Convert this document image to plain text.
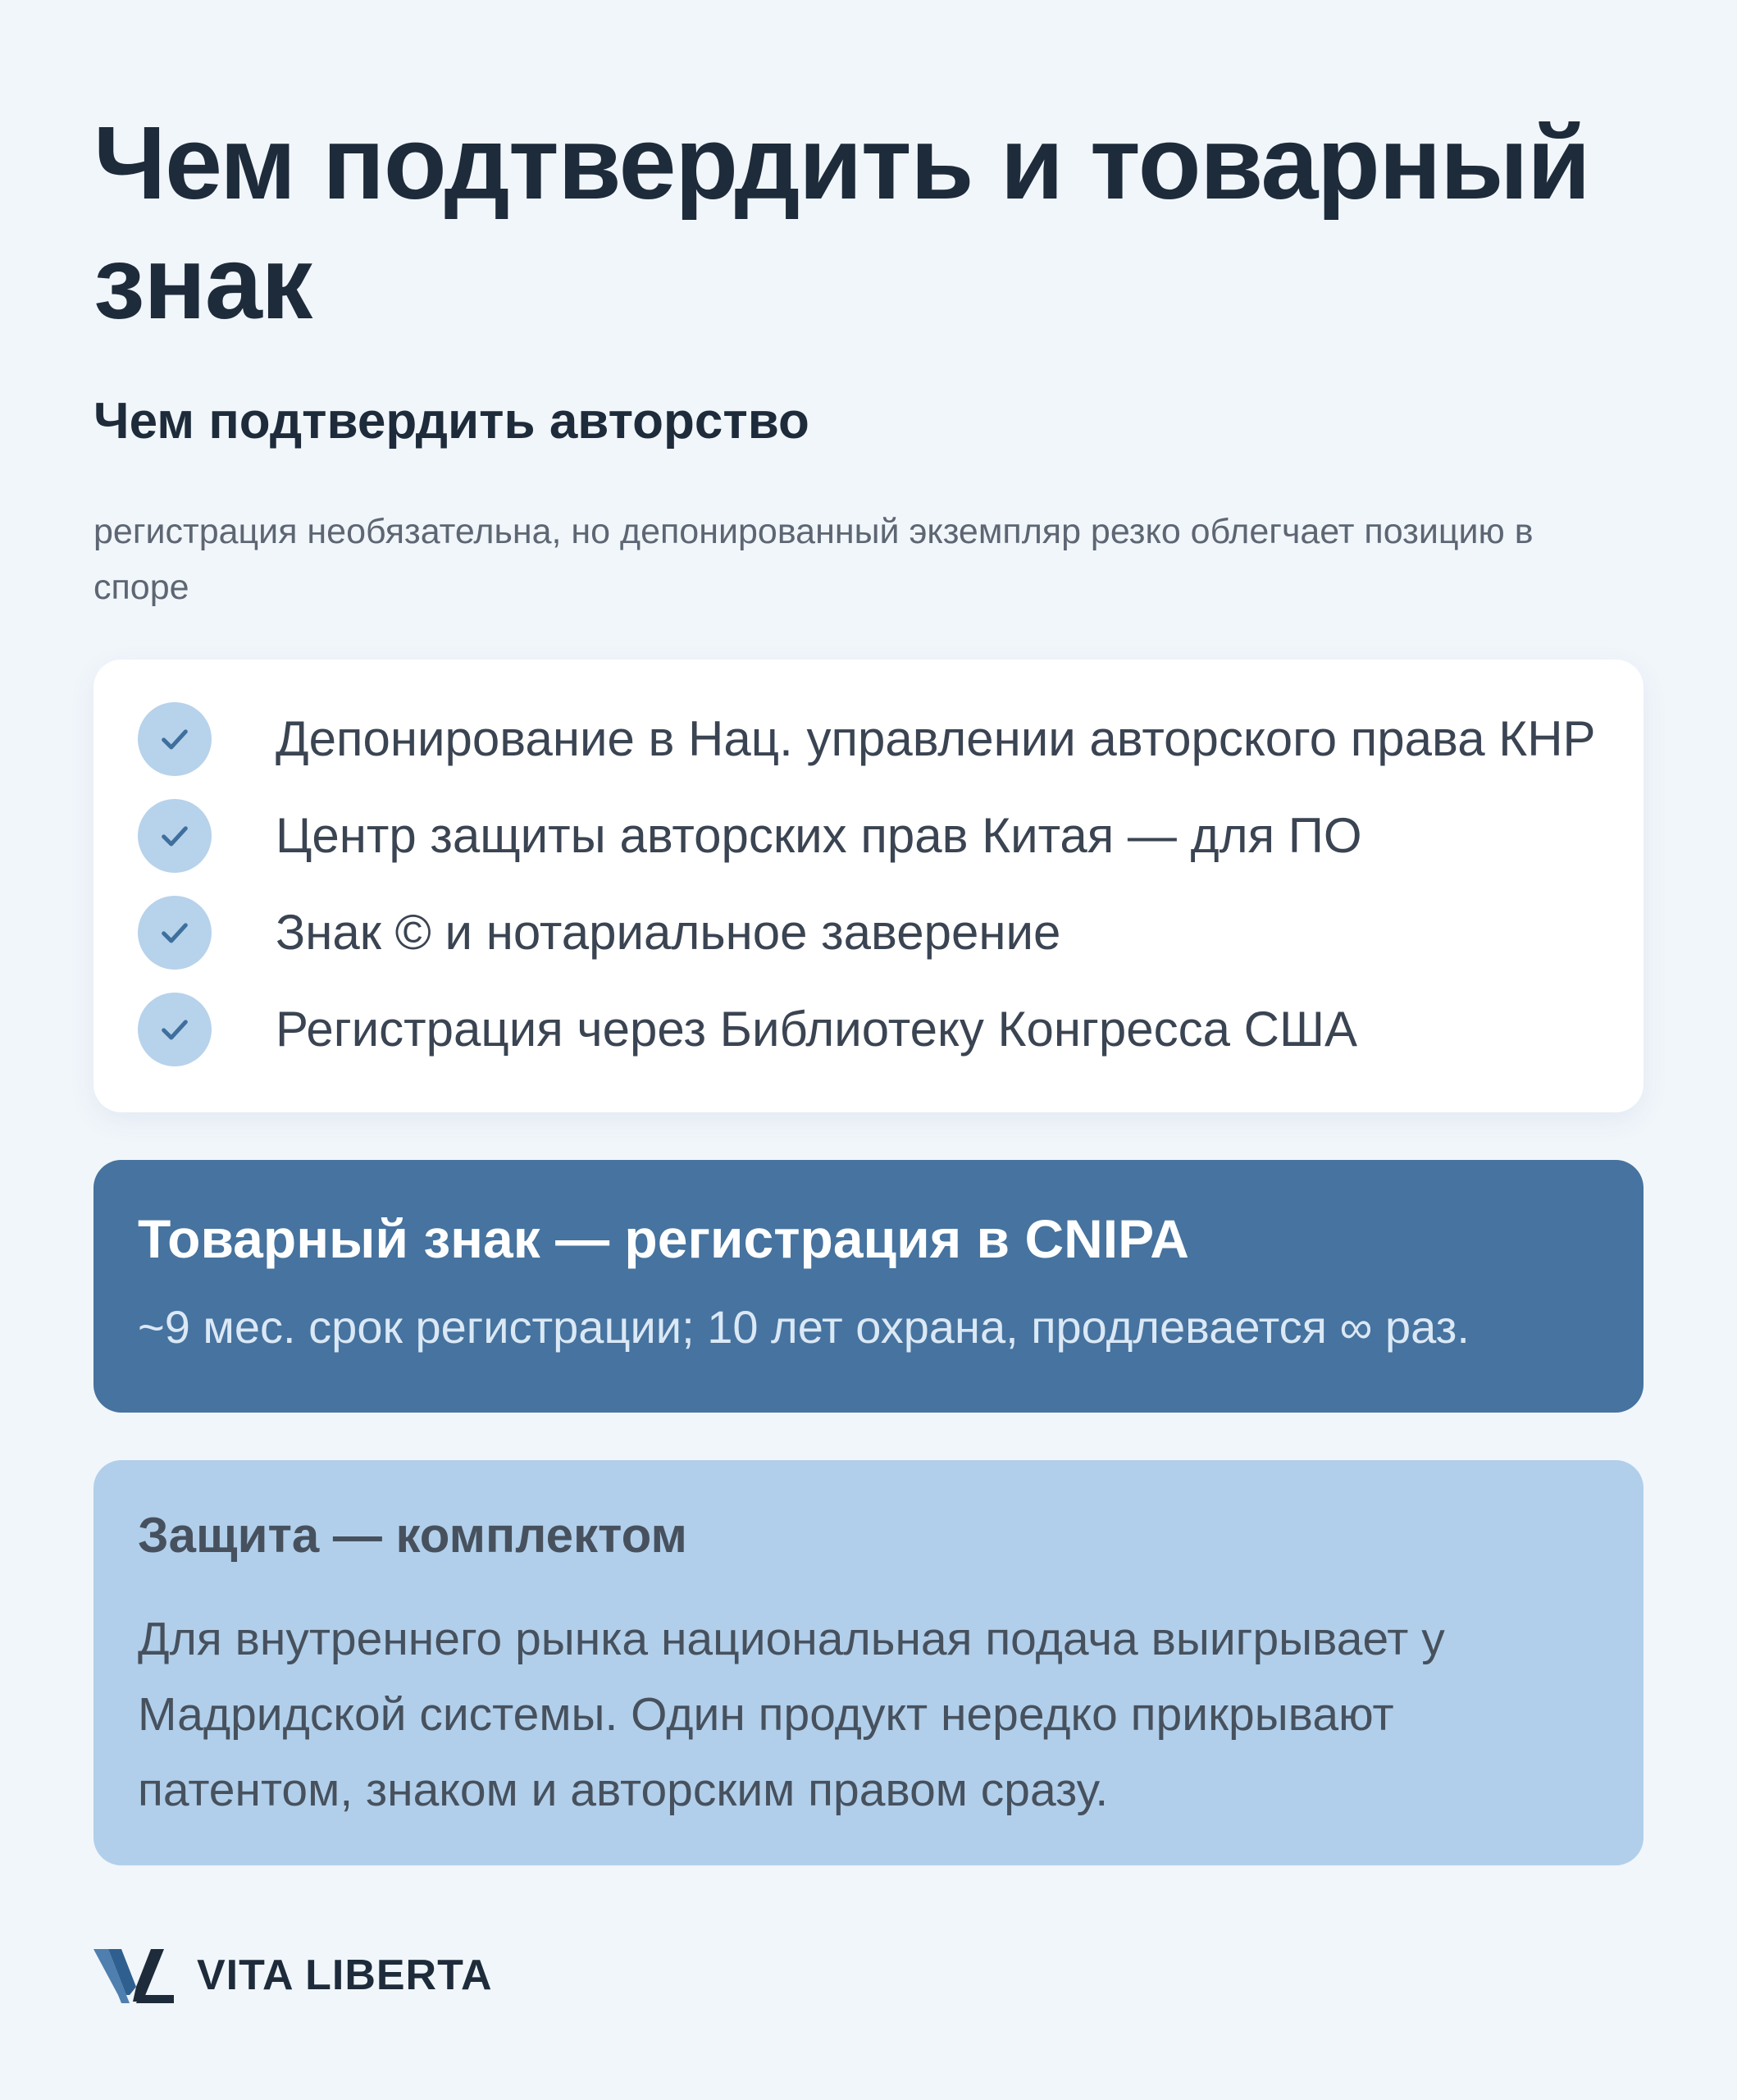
Чем подтвердить и товарный знак
Чем подтвердить авторство

регистрация необязательна, но депонированный экземпляр резко облегчает позицию в споре

Депонирование в Нац. управлении авторского права КНР
Центр защиты авторских прав Китая — для ПО
Знак © и нотариальное заверение
Регистрация через Библиотеку Конгресса США
Товарный знак — регистрация в CNIPA
~9 мес. срок регистрации; 10 лет охрана, продлевается ∞ раз.
Защита — комплектом

Для внутреннего рынка национальная подача выигрывает у Мадридской системы. Один продукт нередко прикрывают патентом, знаком и авторским правом сразу.

VITA LIBERTA
